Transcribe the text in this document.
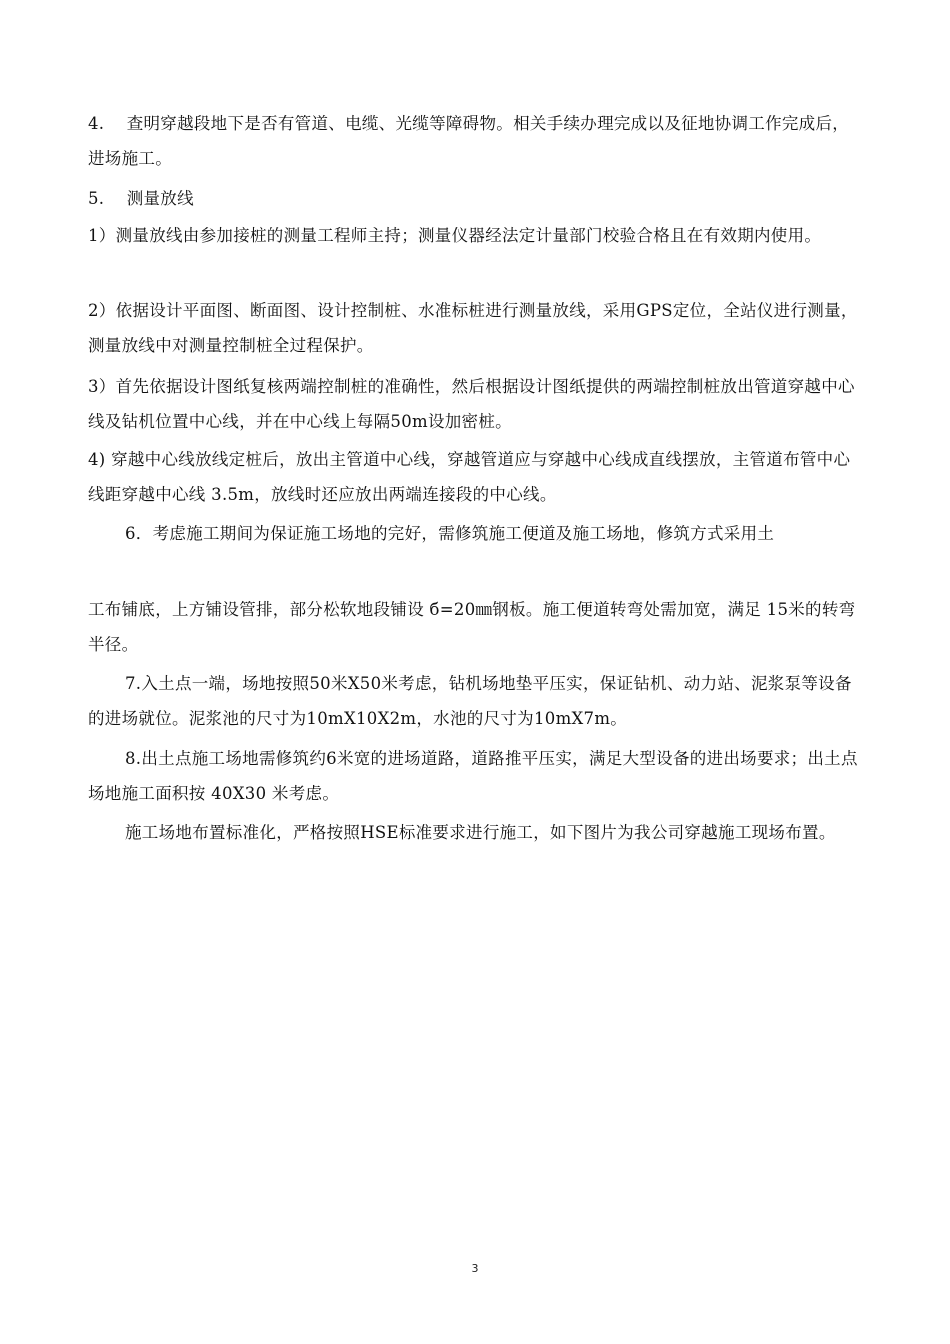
4.　 查明穿越段地下是否有管道、电缆、光缆等障碍物。相关手续办理完成以及征地协调工作完成后，进场施工。

5.　 测量放线

1）测量放线由参加接桩的测量工程师主持；测量仪器经法定计量部门校验合格且在有效期内使用。

2）依据设计平面图、断面图、设计控制桩、水准标桩进行测量放线，采用GPS定位，全站仪进行测量，测量放线中对测量控制桩全过程保护。

3）首先依据设计图纸复核两端控制桩的准确性，然后根据设计图纸提供的两端控制桩放出管道穿越中心线及钻机位置中心线，并在中心线上每隔50m设加密桩。

4) 穿越中心线放线定桩后，放出主管道中心线，穿越管道应与穿越中心线成直线摆放，主管道布管中心线距穿越中心线 3.5m，放线时还应放出两端连接段的中心线。

6．考虑施工期间为保证施工场地的完好，需修筑施工便道及施工场地，修筑方式采用土

工布铺底，上方铺设管排，部分松软地段铺设 б=20㎜钢板。施工便道转弯处需加宽，满足 15米的转弯半径。

7.入土点一端，场地按照50米X50米考虑，钻机场地垫平压实，保证钻机、动力站、泥浆泵等设备的进场就位。泥浆池的尺寸为10mX10X2m，水池的尺寸为10mX7m。

8.出土点施工场地需修筑约6米宽的进场道路，道路推平压实，满足大型设备的进出场要求；出土点场地施工面积按 40X30 米考虑。

施工场地布置标准化，严格按照HSE标准要求进行施工，如下图片为我公司穿越施工现场布置。

3
